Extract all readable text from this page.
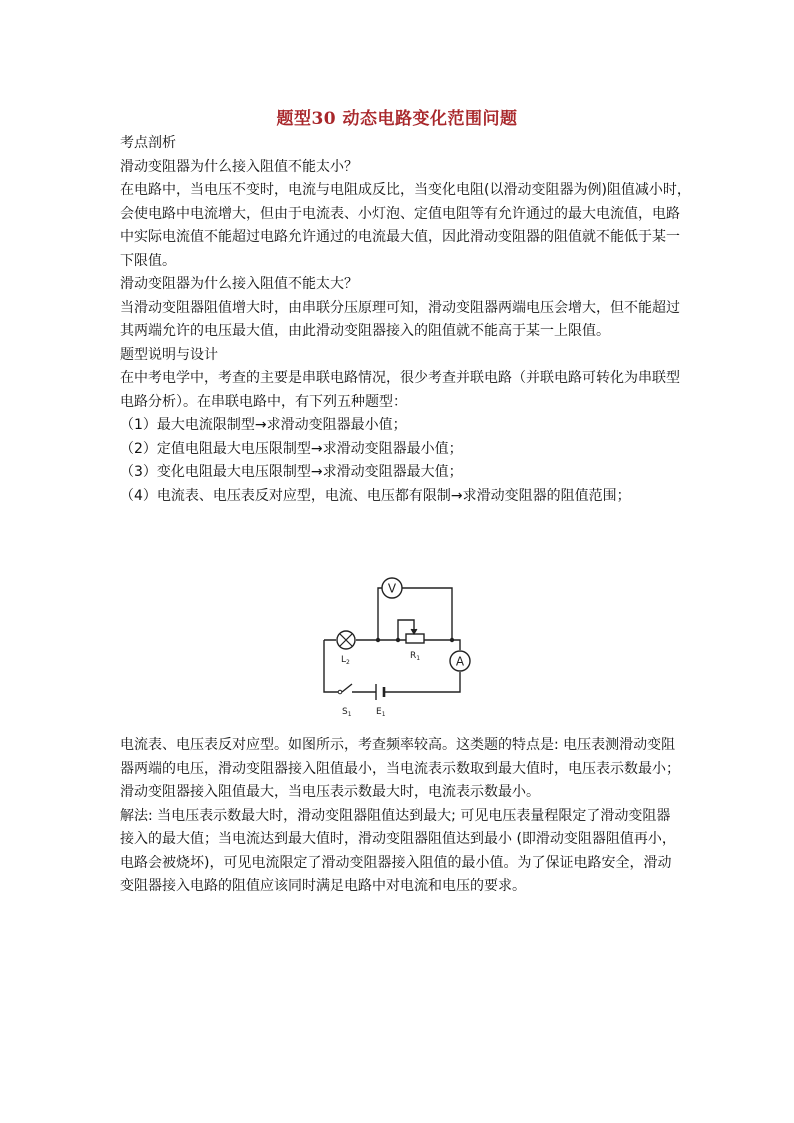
题型30 动态电路变化范围问题
考点剖析
滑动变阻器为什么接入阻值不能太小？
在电路中，当电压不变时，电流与电阻成反比，当变化电阻(以滑动变阻器为例)阻值减小时，
会使电路中电流增大，但由于电流表、小灯泡、定值电阻等有允许通过的最大电流值，电路
中实际电流值不能超过电路允许通过的电流最大值，因此滑动变阻器的阻值就不能低于某一
下限值。
滑动变阻器为什么接入阻值不能太大？
当滑动变阻器阻值增大时，由串联分压原理可知，滑动变阻器两端电压会增大，但不能超过
其两端允许的电压最大值，由此滑动变阻器接入的阻值就不能高于某一上限值。
题型说明与设计
在中考电学中，考查的主要是串联电路情况，很少考查并联电路（并联电路可转化为串联型
电路分析）。在串联电路中，有下列五种题型：
（1）最大电流限制型→求滑动变阻器最小值；
（2）定值电阻最大电压限制型→求滑动变阻器最小值；
（3）变化电阻最大电压限制型→求滑动变阻器最大值；
（4）电流表、电压表反对应型，电流、电压都有限制→求滑动变阻器的阻值范围；
V
$L_2$
$R_1$	A
$S_1$	$E_1$
电流表、电压表反对应型。如图所示，考查频率较高。这类题的特点是: 电压表测滑动变阻
器两端的电压，滑动变阻器接入阻值最小，当电流表示数取到最大值时，电压表示数最小；
滑动变阻器接入阻值最大，当电压表示数最大时，电流表示数最小。
解法: 当电压表示数最大时，滑动变阻器阻值达到最大; 可见电压表量程限定了滑动变阻器
接入的最大值；当电流达到最大值时，滑动变阻器阻值达到最小 (即滑动变阻器阻值再小，
电路会被烧坏)，可见电流限定了滑动变阻器接入阻值的最小值。为了保证电路安全，滑动
变阻器接入电路的阻值应该同时满足电路中对电流和电压的要求。
